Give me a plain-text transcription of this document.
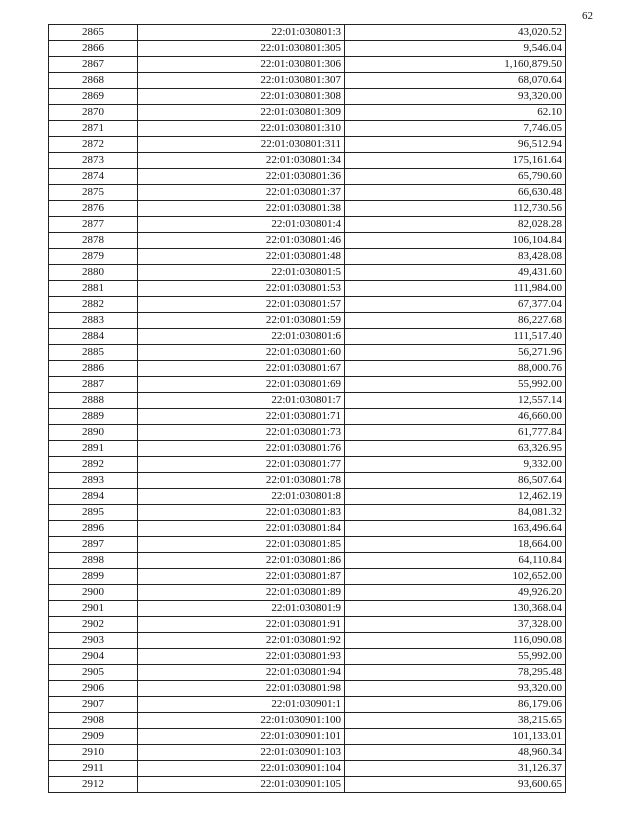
62
2865	22:01:030801:3	43,020.52
2866	22:01:030801:305	9,546.04
2867	22:01:030801:306	1,160,879.50
2868	22:01:030801:307	68,070.64
2869	22:01:030801:308	93,320.00
2870	22:01:030801:309	62.10
2871	22:01:030801:310	7,746.05
2872	22:01:030801:311	96,512.94
2873	22:01:030801:34	175,161.64
2874	22:01:030801:36	65,790.60
2875	22:01:030801:37	66,630.48
2876	22:01:030801:38	112,730.56
2877	22:01:030801:4	82,028.28
2878	22:01:030801:46	106,104.84
2879	22:01:030801:48	83,428.08
2880	22:01:030801:5	49,431.60
2881	22:01:030801:53	111,984.00
2882	22:01:030801:57	67,377.04
2883	22:01:030801:59	86,227.68
2884	22:01:030801:6	111,517.40
2885	22:01:030801:60	56,271.96
2886	22:01:030801:67	88,000.76
2887	22:01:030801:69	55,992.00
2888	22:01:030801:7	12,557.14
2889	22:01:030801:71	46,660.00
2890	22:01:030801:73	61,777.84
2891	22:01:030801:76	63,326.95
2892	22:01:030801:77	9,332.00
2893	22:01:030801:78	86,507.64
2894	22:01:030801:8	12,462.19
2895	22:01:030801:83	84,081.32
2896	22:01:030801:84	163,496.64
2897	22:01:030801:85	18,664.00
2898	22:01:030801:86	64,110.84
2899	22:01:030801:87	102,652.00
2900	22:01:030801:89	49,926.20
2901	22:01:030801:9	130,368.04
2902	22:01:030801:91	37,328.00
2903	22:01:030801:92	116,090.08
2904	22:01:030801:93	55,992.00
2905	22:01:030801:94	78,295.48
2906	22:01:030801:98	93,320.00
2907	22:01:030901:1	86,179.06
2908	22:01:030901:100	38,215.65
2909	22:01:030901:101	101,133.01
2910	22:01:030901:103	48,960.34
2911	22:01:030901:104	31,126.37
2912	22:01:030901:105	93,600.65
